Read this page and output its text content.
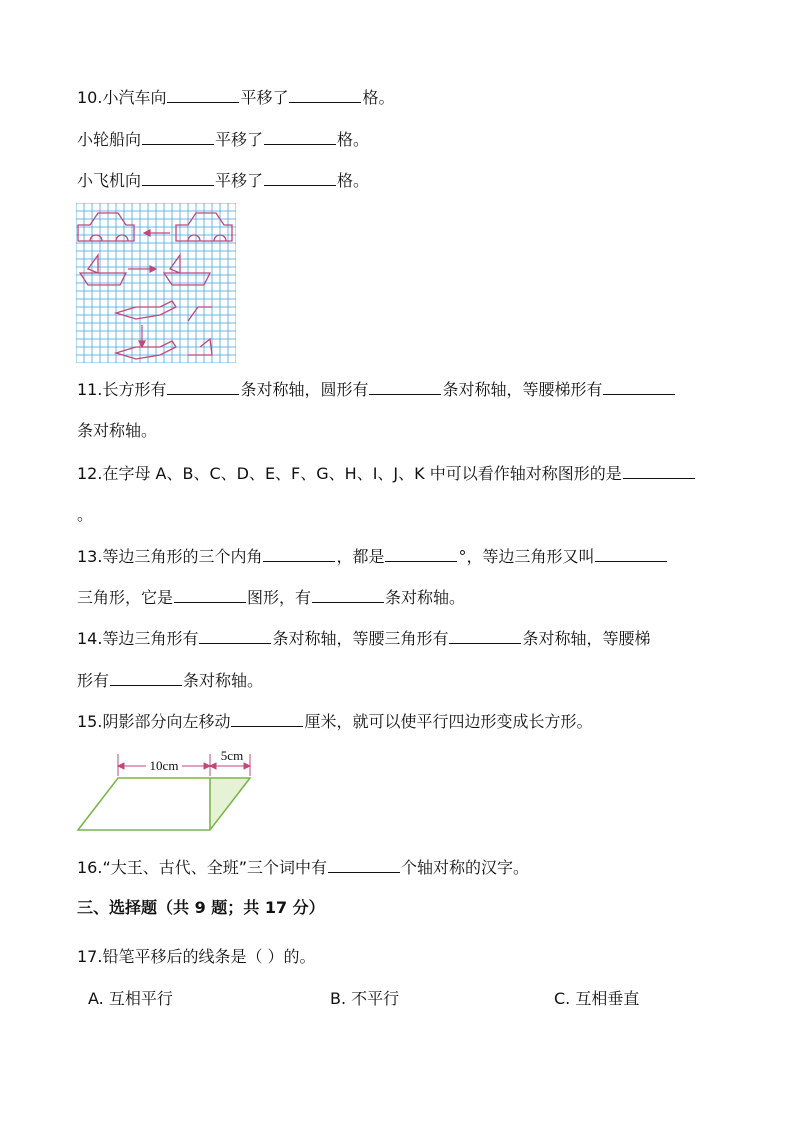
10.小汽车向	平移了	格。
小轮船向	平移了	格。
小飞机向	平移了	格。
11.长方形有	条对称轴，圆形有	条对称轴，等腰梯形有
条对称轴。
12.在字母 A、B、C、D、E、F、G、H、I、J、K 中可以看作轴对称图形的是
。
13.等边三角形的三个内角	，都是	°，等边三角形又叫
三角形，它是	图形，有	条对称轴。
14.等边三角形有	条对称轴，等腰三角形有	条对称轴，等腰梯
形有	条对称轴。
15.阴影部分向左移动	厘米，就可以使平行四边形变成长方形。
10cm
5cm
16.“大王、古代、全班”三个词中有	个轴对称的汉字。
三、选择题（共 9 题；共 17 分）
17.铅笔平移后的线条是（ ）的。
A. 互相平行	B. 不平行	C. 互相垂直
